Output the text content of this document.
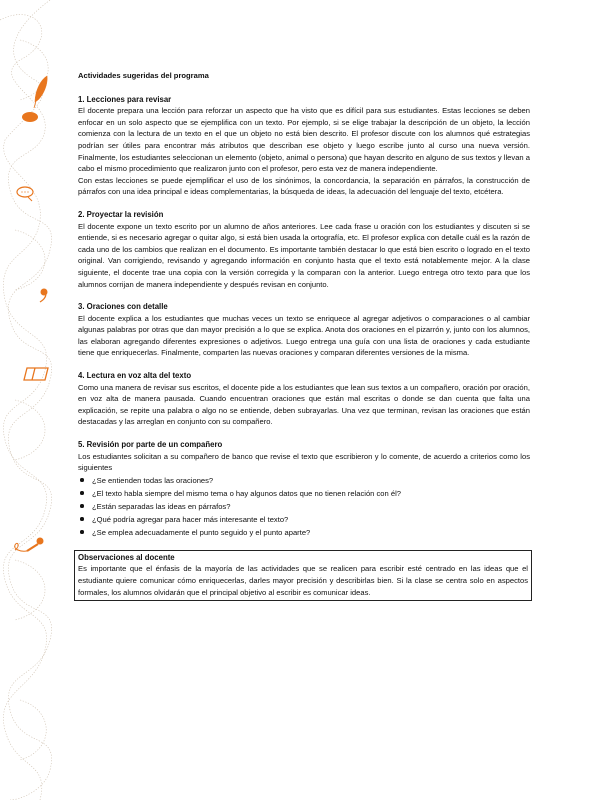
Actividades sugeridas del programa
1. Lecciones para revisar

El docente prepara una lección para reforzar un aspecto que ha visto que es difícil para sus estudiantes. Estas lecciones se deben enfocar en un solo aspecto que se ejemplifica con un texto. Por ejemplo, si se elige trabajar la descripción de un objeto, la lección comienza con la lectura de un texto en el que un objeto no está bien descrito. El profesor discute con los alumnos qué estrategias podrían ser útiles para encontrar más atributos que describan ese objeto y luego escribe junto al curso una nueva versión. Finalmente, los estudiantes seleccionan un elemento (objeto, animal o persona) que hayan descrito en alguno de sus textos y llevan a cabo el mismo procedimiento que realizaron junto con el profesor, pero esta vez de manera independiente.

Con estas lecciones se puede ejemplificar el uso de los sinónimos, la concordancia, la separación en párrafos, la construcción de párrafos con una idea principal e ideas complementarias, la búsqueda de ideas, la adecuación del lenguaje del texto, etcétera.

2. Proyectar la revisión

El docente expone un texto escrito por un alumno de años anteriores. Lee cada frase u oración con los estudiantes y discuten si se entiende, si es necesario agregar o quitar algo, si está bien usada la ortografía, etc. El profesor explica con detalle cuál es la razón de cada uno de los cambios que realizan en el documento. Es importante también destacar lo que está bien escrito o logrado en el texto original. Van corrigiendo, revisando y agregando información en conjunto hasta que el texto está notablemente mejor. A la clase siguiente, el docente trae una copia con la versión corregida y la comparan con la anterior. Luego entrega otro texto para que los alumnos corrijan de manera independiente y después revisan en conjunto.

3. Oraciones con detalle

El docente explica a los estudiantes que muchas veces un texto se enriquece al agregar adjetivos o comparaciones o al cambiar algunas palabras por otras que dan mayor precisión a lo que se explica. Anota dos oraciones en el pizarrón y, junto con los alumnos, las elaboran agregando diferentes expresiones o adjetivos. Luego entrega una guía con una lista de oraciones y cada estudiante tiene que enriquecerlas. Finalmente, comparten las nuevas oraciones y comparan diferentes versiones de la misma.

4. Lectura en voz alta del texto

Como una manera de revisar sus escritos, el docente pide a los estudiantes que lean sus textos a un compañero, oración por oración, en voz alta de manera pausada. Cuando encuentran oraciones que están mal escritas o donde se dan cuenta que falta una explicación, se repite una palabra o algo no se entiende, deben subrayarlas. Una vez que terminan, revisan las oraciones que están destacadas y las arreglan en conjunto con su compañero.

5. Revisión por parte de un compañero

Los estudiantes solicitan a su compañero de banco que revise el texto que escribieron y lo comente, de acuerdo a criterios como los siguientes

¿Se entienden todas las oraciones?
¿El texto habla siempre del mismo tema o hay algunos datos que no tienen relación con él?
¿Están separadas las ideas en párrafos?
¿Qué podría agregar para hacer más interesante el texto?
¿Se emplea adecuadamente el punto seguido y el punto aparte?
Observaciones al docente

Es importante que el énfasis de la mayoría de las actividades que se realicen para escribir esté centrado en las ideas que el estudiante quiere comunicar cómo enriquecerlas, darles mayor precisión y describirlas bien. Si la clase se centra solo en aspectos formales, los alumnos olvidarán que el principal objetivo al escribir es comunicar ideas.
